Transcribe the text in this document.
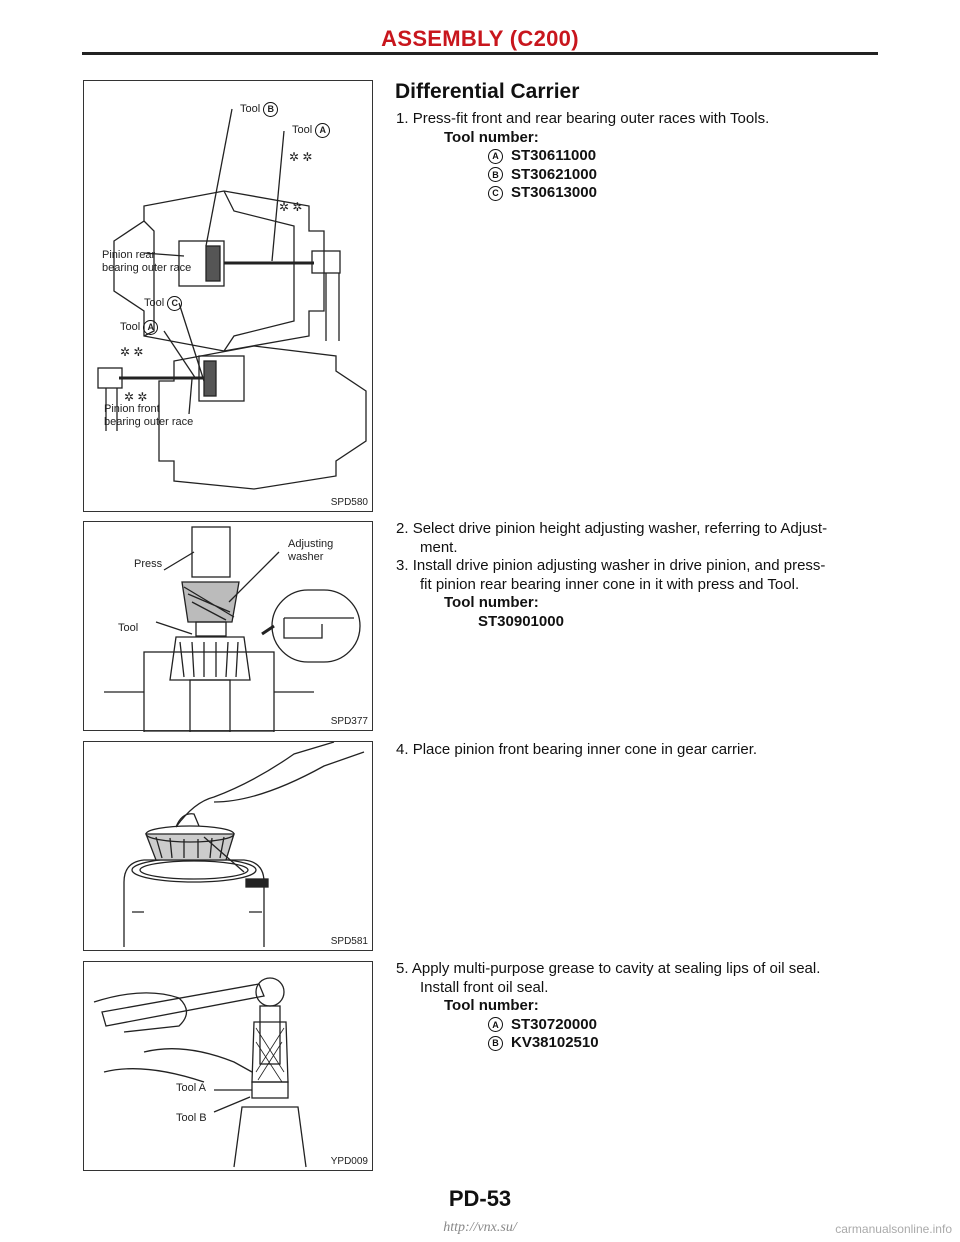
ASSEMBLY (C200)
✲ ✲
✲ ✲
✲ ✲
✲ ✲
Tool B
Tool A
Pinion rear
bearing outer race
Tool C
Tool A
Pinion front
bearing outer race
SPD580
Press
Adjusting
washer
Tool
SPD377
SPD581
Tool A
Tool B
YPD009
Differential Carrier
1. Press-fit front and rear bearing outer races with Tools.
Tool number:
A ST30611000
B ST30621000
C ST30613000
2. Select drive pinion height adjusting washer, referring to Adjust-
ment.
3. Install drive pinion adjusting washer in drive pinion, and press-
fit pinion rear bearing inner cone in it with press and Tool.
Tool number:
ST30901000
4. Place pinion front bearing inner cone in gear carrier.
5. Apply multi-purpose grease to cavity at sealing lips of oil seal.
Install front oil seal.
Tool number:
A ST30720000
B KV38102510
PD-53
http://vnx.su/	carmanualsonline.info
